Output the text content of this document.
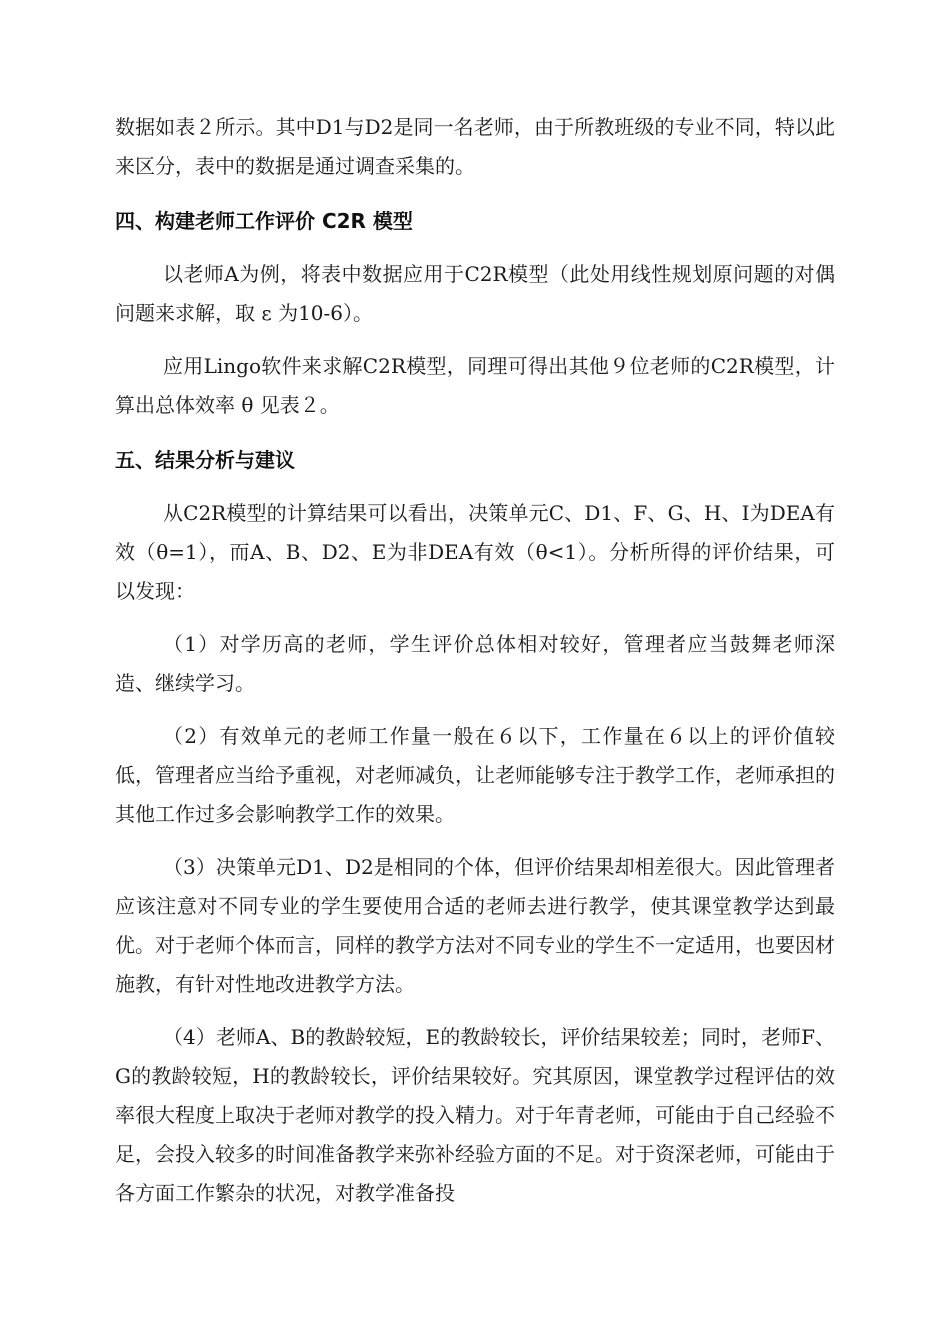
数据如表２所示。其中D1与D2是同一名老师，由于所教班级的专业不同，特以此来区分，表中的数据是通过调查采集的。

四、构建老师工作评价 C2R 模型

以老师A为例，将表中数据应用于C2R模型（此处用线性规划原问题的对偶问题来求解，取 ε 为10-6）。

应用Lingo软件来求解C2R模型，同理可得出其他９位老师的C2R模型，计算出总体效率 θ 见表２。

五、结果分析与建议

从C2R模型的计算结果可以看出，决策单元C、D1、F、G、H、I为DEA有效（θ=1），而A、B、D2、E为非DEA有效（θ<1）。分析所得的评价结果，可以发现：

（1）对学历高的老师，学生评价总体相对较好，管理者应当鼓舞老师深造、继续学习。

（2）有效单元的老师工作量一般在６以下，工作量在６以上的评价值较低，管理者应当给予重视，对老师减负，让老师能够专注于教学工作，老师承担的其他工作过多会影响教学工作的效果。

（3）决策单元D1、D2是相同的个体，但评价结果却相差很大。因此管理者应该注意对不同专业的学生要使用合适的老师去进行教学，使其课堂教学达到最优。对于老师个体而言，同样的教学方法对不同专业的学生不一定适用，也要因材施教，有针对性地改进教学方法。

（4）老师A、B的教龄较短，E的教龄较长，评价结果较差；同时，老师F、G的教龄较短，H的教龄较长，评价结果较好。究其原因，课堂教学过程评估的效率很大程度上取决于老师对教学的投入精力。对于年青老师，可能由于自己经验不足，会投入较多的时间准备教学来弥补经验方面的不足。对于资深老师，可能由于各方面工作繁杂的状况，对教学准备投
